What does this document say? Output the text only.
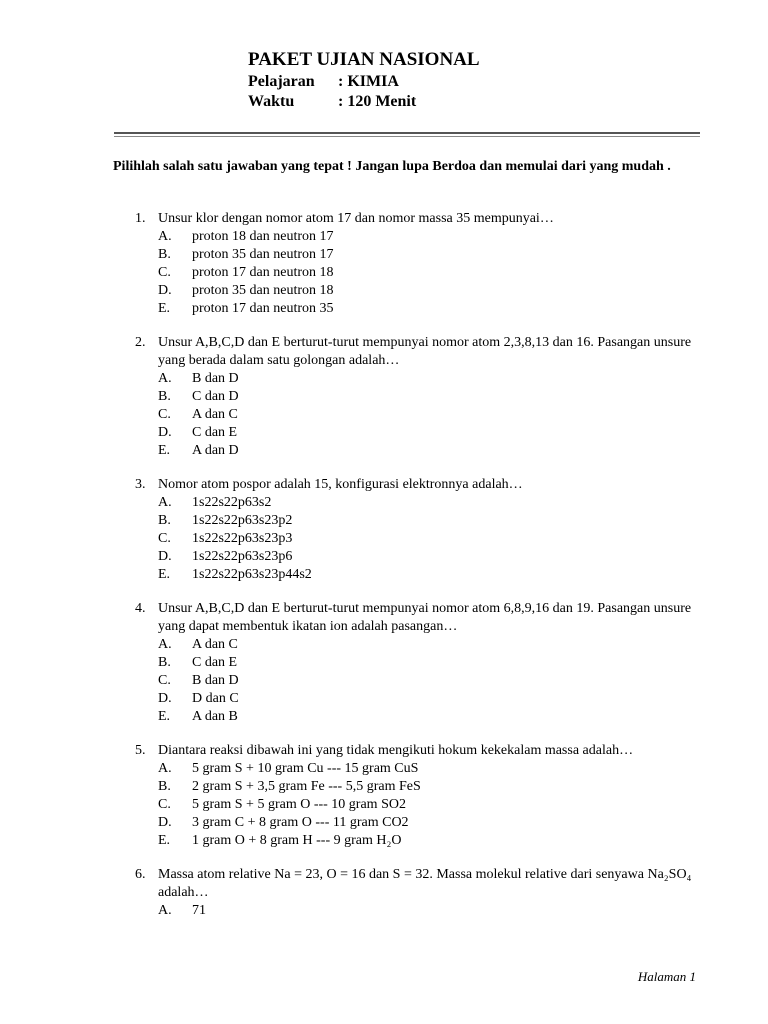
PAKET UJIAN NASIONAL
Pelajaran	: KIMIA
Waktu	: 120 Menit
Pilihlah salah satu jawaban yang tepat ! Jangan lupa Berdoa dan memulai dari yang mudah .
1. Unsur klor dengan nomor atom 17 dan nomor massa 35 mempunyai…
A.	proton 18 dan neutron 17
B.	proton 35 dan neutron 17
C.	proton 17 dan neutron 18
D.	proton 35 dan neutron 18
E.	proton 17 dan neutron 35
2. Unsur A,B,C,D dan E berturut-turut mempunyai nomor atom 2,3,8,13 dan 16. Pasangan unsure yang berada dalam satu golongan adalah…
A.	B dan D
B.	C dan D
C.	A dan C
D.	C dan E
E.	A dan D
3. Nomor atom pospor adalah 15, konfigurasi elektronnya adalah…
A.	1s22s22p63s2
B.	1s22s22p63s23p2
C.	1s22s22p63s23p3
D.	1s22s22p63s23p6
E.	1s22s22p63s23p44s2
4. Unsur A,B,C,D dan E berturut-turut mempunyai nomor atom 6,8,9,16 dan 19. Pasangan unsure yang dapat membentuk ikatan ion adalah pasangan…
A.	A dan C
B.	C dan E
C.	B dan D
D.	D dan C
E.	A dan B
5. Diantara reaksi dibawah ini yang tidak mengikuti hokum kekekalam massa adalah…
A.	5 gram S + 10 gram Cu --- 15 gram CuS
B.	2 gram S + 3,5 gram Fe --- 5,5 gram FeS
C.	5 gram S + 5 gram O --- 10 gram SO2
D.	3 gram C + 8 gram O --- 11 gram CO2
E.	1 gram O + 8 gram H --- 9 gram H₂O
6. Massa atom relative Na = 23, O = 16 dan S = 32. Massa molekul relative dari senyawa Na₂SO₄ adalah…
A.	71
Halaman 1
